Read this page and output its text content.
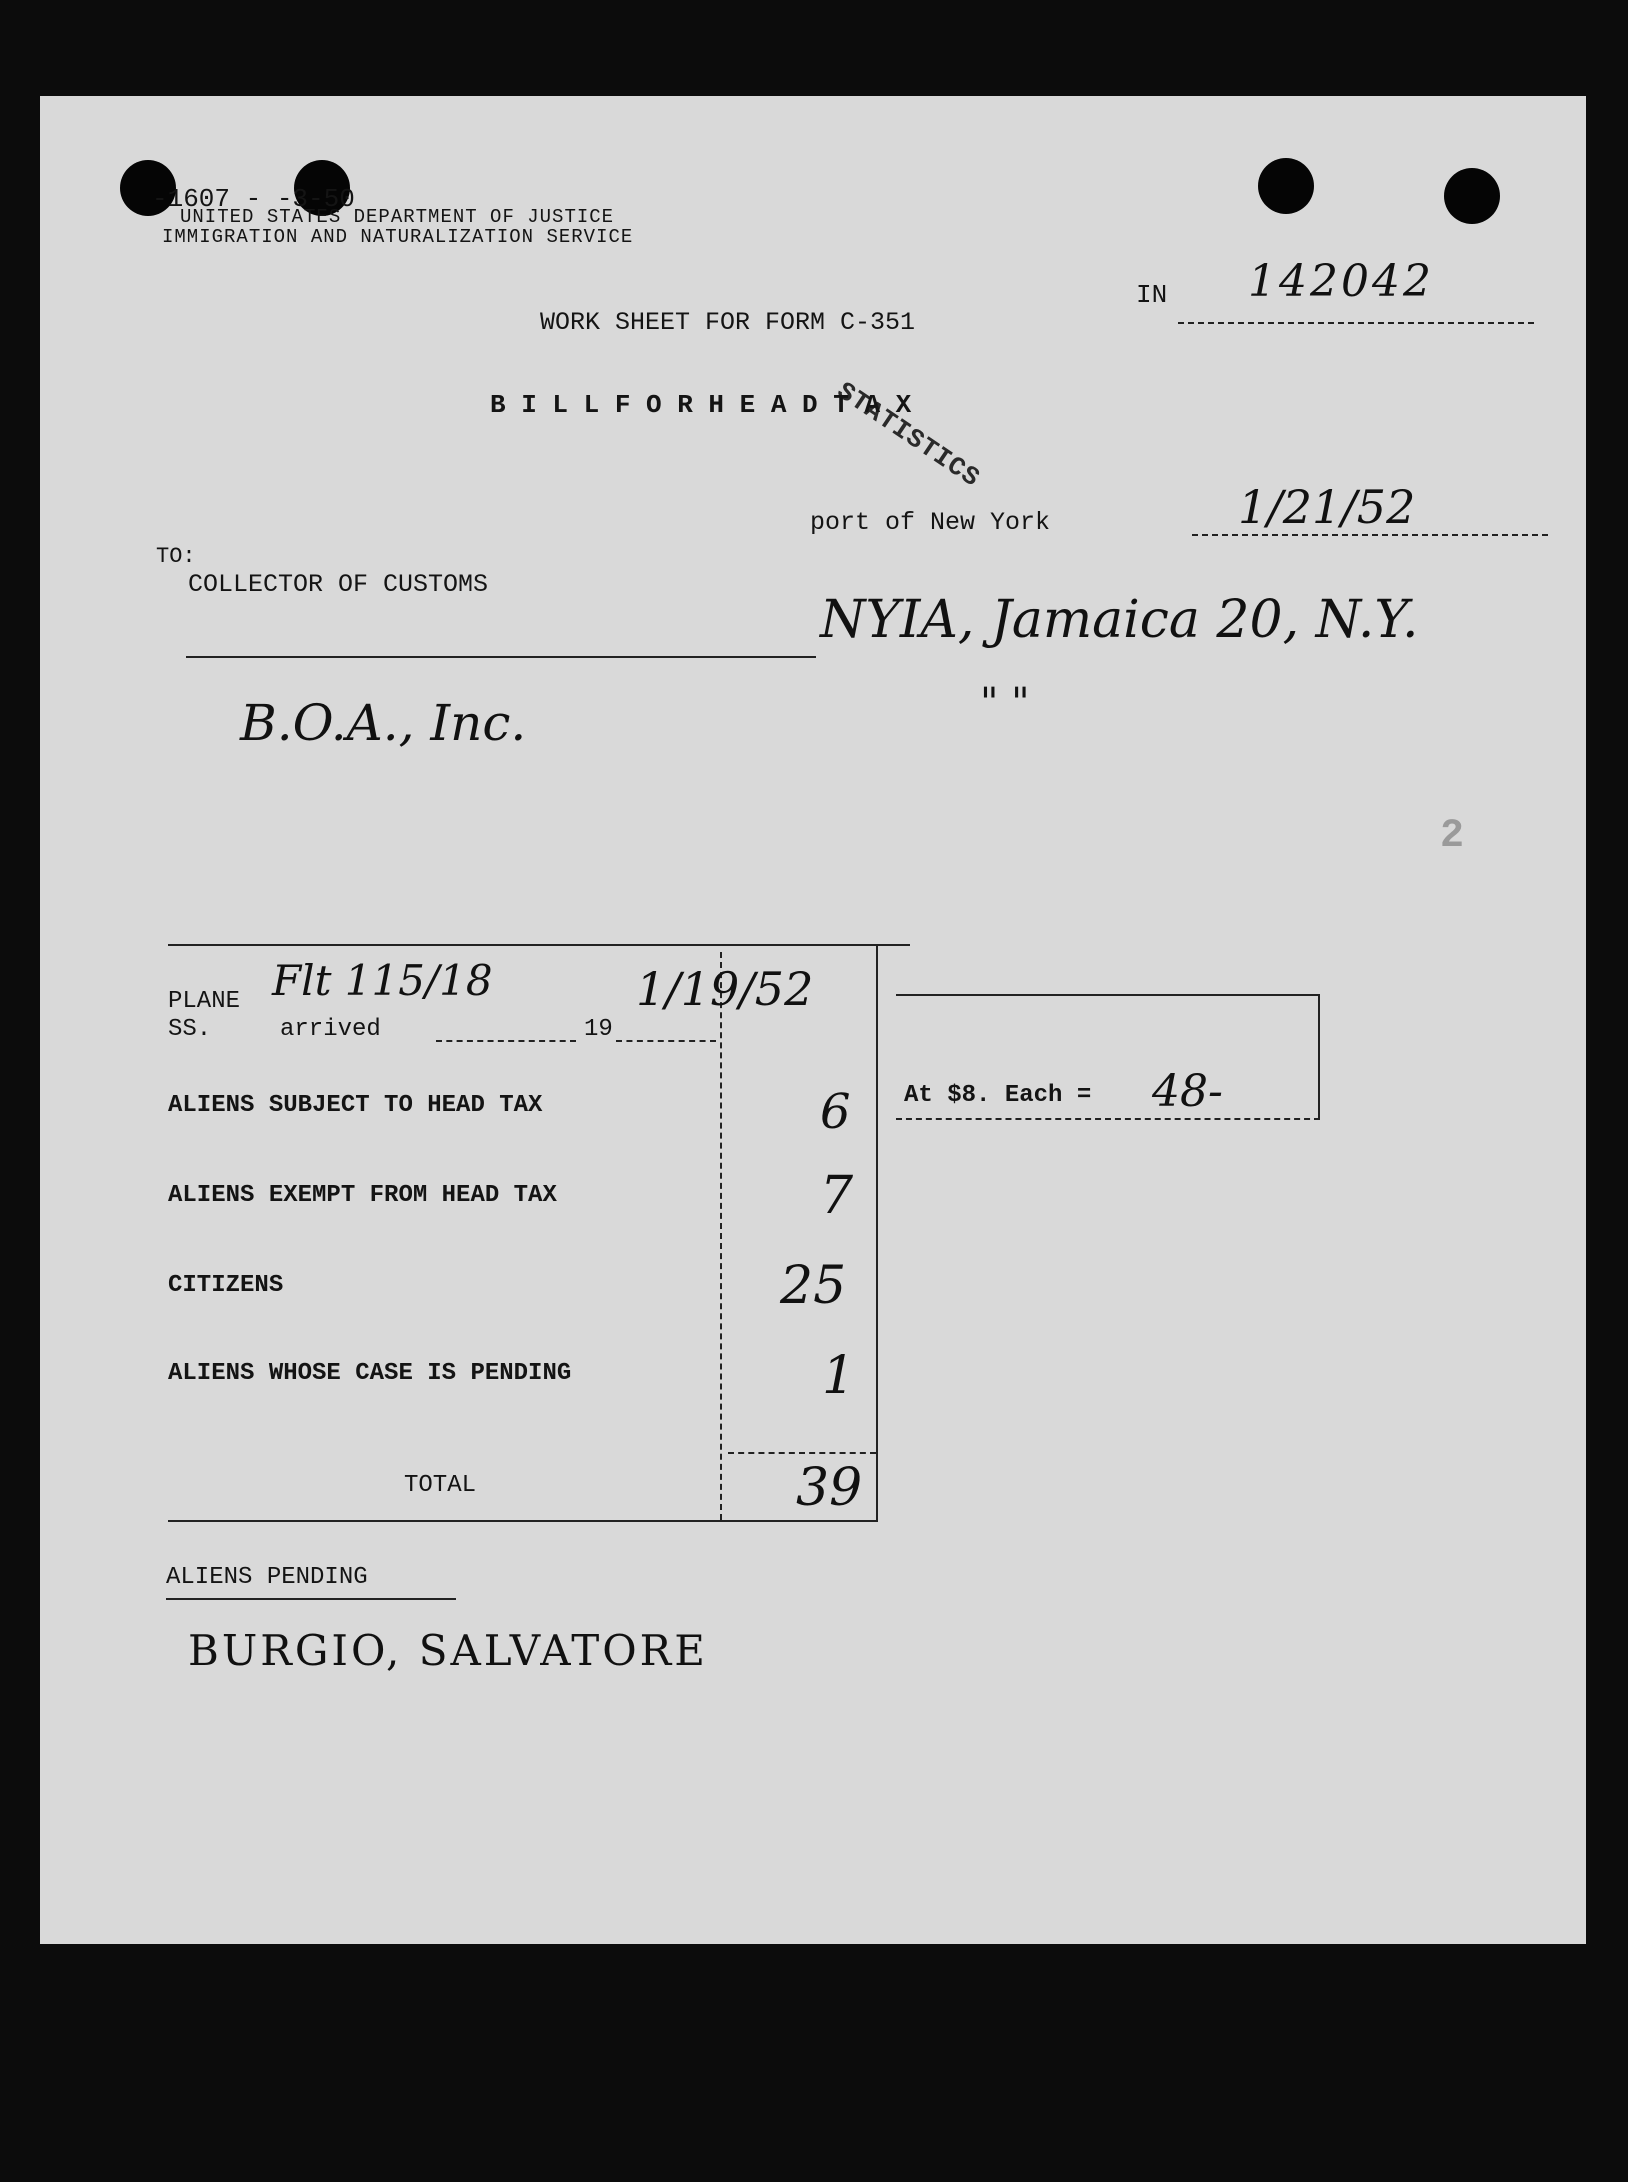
-1607 - -3-50
UNITED STATES DEPARTMENT OF JUSTICE
IMMIGRATION AND NATURALIZATION SERVICE
STATISTICS
IN 142042
WORK SHEET FOR FORM C-351
B I L L F O R H E A D T A X
port of New York	1/21/52
TO:
COLLECTOR OF CUSTOMS
NYIA, Jamaica 20, N.Y.
" "
B.O.A., Inc.
2
PLANE Flt 115/18	1/19/52
SS.	arrived	19
ALIENS SUBJECT TO HEAD TAX	6
ALIENS EXEMPT FROM HEAD TAX	7
CITIZENS	25
ALIENS WHOSE CASE IS PENDING	1
TOTAL	39
At $8. Each = 48-
ALIENS PENDING
BURGIO, SALVATORE
